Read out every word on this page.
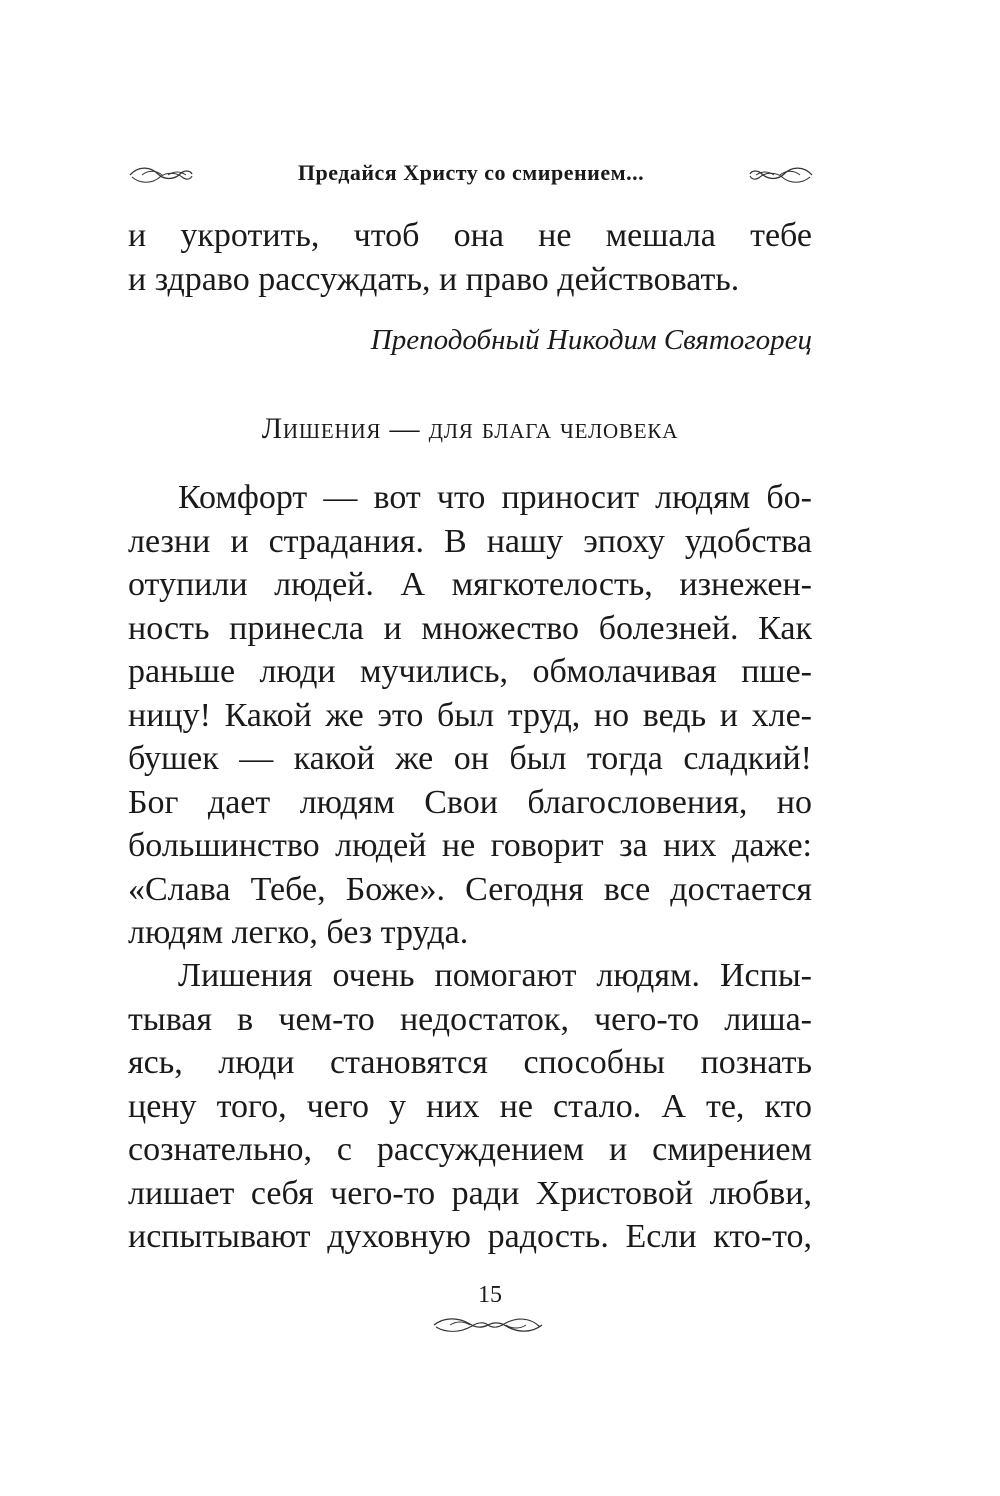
Предайся Христу со смирением...

и укротить, чтоб она не мешала тебе
и здраво рассуждать, и право действовать.

Преподобный Никодим Святогорец
Лишения — для блага человека

Комфорт — вот что приносит людям бо-
лезни и страдания. В нашу эпоху удобства
отупили людей. А мягкотелость, изнежен-
ность принесла и множество болезней. Как
раньше люди мучились, обмолачивая пше-
ницу! Какой же это был труд, но ведь и хле-
бушек — какой же он был тогда сладкий!
Бог дает людям Свои благословения, но
большинство людей не говорит за них даже:
«Слава Тебе, Боже». Сегодня все достается
людям легко, без труда.

Лишения очень помогают людям. Испы-
тывая в чем-то недостаток, чего-то лиша-
ясь, люди становятся способны познать
цену того, чего у них не стало. А те, кто
сознательно, с рассуждением и смирением
лишает себя чего-то ради Христовой любви,
испытывают духовную радость. Если кто-то,

15
